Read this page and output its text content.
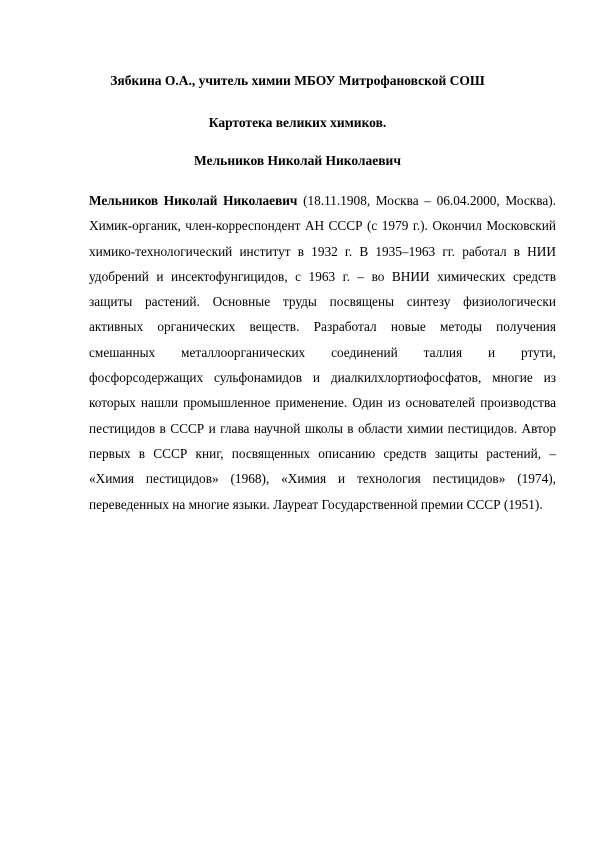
Зябкина О.А., учитель химии МБОУ Митрофановской СОШ
Картотека великих химиков.
Мельников Николай Николаевич
Мельников Николай Николаевич (18.11.1908, Москва – 06.04.2000, Москва). Химик-органик, член-корреспондент АН СССР (с 1979 г.). Окончил Московский химико-технологический институт в 1932 г. В 1935–1963 гг. работал в НИИ удобрений и инсектофунгицидов, с 1963 г. – во ВНИИ химических средств защиты растений. Основные труды посвящены синтезу физиологически активных органических веществ. Разработал новые методы получения смешанных металлоорганических соединений таллия и ртути, фосфорсодержащих сульфонамидов и диалкилхлортиофосфатов, многие из которых нашли промышленное применение. Один из основателей производства пестицидов в СССР и глава научной школы в области химии пестицидов. Автор первых в СССР книг, посвященных описанию средств защиты растений, – «Химия пестицидов» (1968), «Химия и технология пестицидов» (1974), переведенных на многие языки. Лауреат Государственной премии СССР (1951).
